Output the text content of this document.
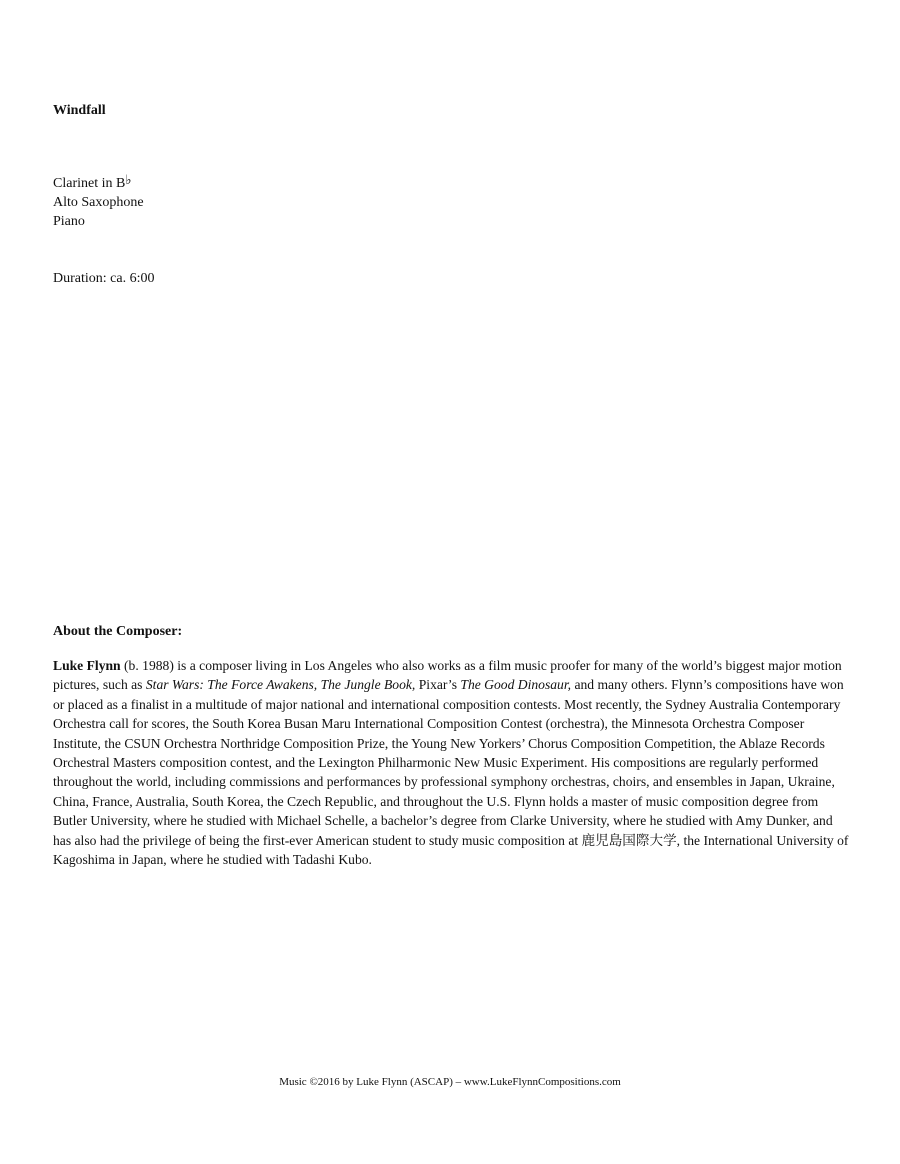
Windfall
Clarinet in B♭
Alto Saxophone
Piano
Duration: ca. 6:00
About the Composer:
Luke Flynn (b. 1988) is a composer living in Los Angeles who also works as a film music proofer for many of the world’s biggest major motion pictures, such as Star Wars: The Force Awakens, The Jungle Book, Pixar’s The Good Dinosaur, and many others. Flynn’s compositions have won or placed as a finalist in a multitude of major national and international composition contests. Most recently, the Sydney Australia Contemporary Orchestra call for scores, the South Korea Busan Maru International Composition Contest (orchestra), the Minnesota Orchestra Composer Institute, the CSUN Orchestra Northridge Composition Prize, the Young New Yorkers’ Chorus Composition Competition, the Ablaze Records Orchestral Masters composition contest, and the Lexington Philharmonic New Music Experiment. His compositions are regularly performed throughout the world, including commissions and performances by professional symphony orchestras, choirs, and ensembles in Japan, Ukraine, China, France, Australia, South Korea, the Czech Republic, and throughout the U.S. Flynn holds a master of music composition degree from Butler University, where he studied with Michael Schelle, a bachelor’s degree from Clarke University, where he studied with Amy Dunker, and has also had the privilege of being the first-ever American student to study music composition at 鹿児島国際大学, the International University of Kagoshima in Japan, where he studied with Tadashi Kubo.
Music ©2016 by Luke Flynn (ASCAP) – www.LukeFlynnCompositions.com
